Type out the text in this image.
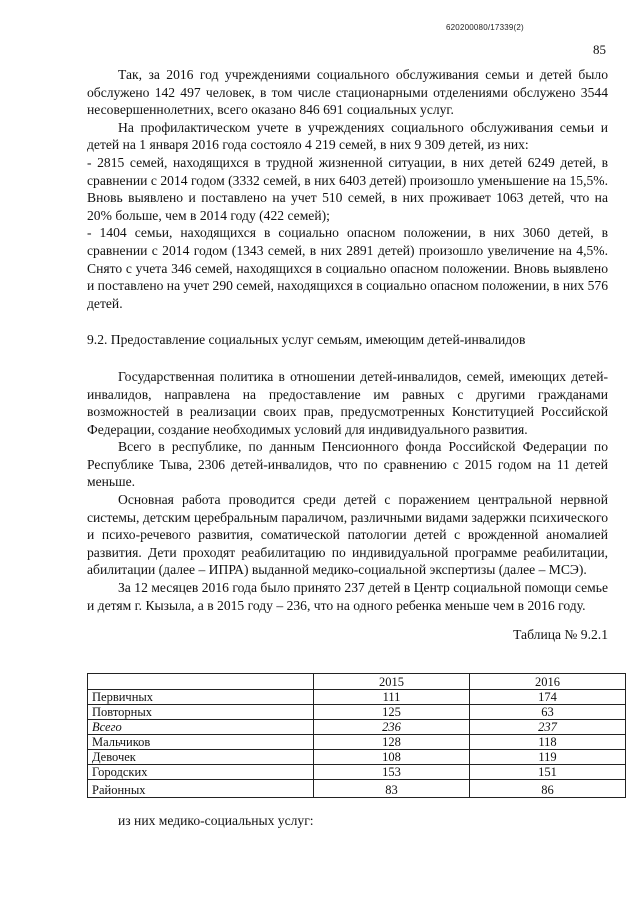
620200080/17339(2)
85

Так, за 2016 год учреждениями социального обслуживания семьи и детей было обслужено 142 497 человек, в том числе стационарными отделениями обслужено 3544 несовершеннолетних, всего оказано 846 691 социальных услуг.

На профилактическом учете в учреждениях социального обслуживания семьи и детей на 1 января 2016 года состояло 4 219 семей, в них 9 309 детей, из них:

- 2815 семей, находящихся в трудной жизненной ситуации, в них детей 6249 детей, в сравнении с 2014 годом (3332 семей, в них 6403 детей) произошло уменьшение на 15,5%. Вновь выявлено и поставлено на учет 510 семей, в них проживает 1063 детей, что на 20% больше, чем в 2014 году (422 семей);

- 1404 семьи, находящихся в социально опасном положении, в них 3060 детей, в сравнении с 2014 годом (1343 семей, в них 2891 детей) произошло увеличение на 4,5%. Снято с учета 346 семей, находящихся в социально опасном положении. Вновь выявлено и поставлено на учет 290 семей, находящихся в социально опасном положении, в них 576 детей.

9.2. Предоставление социальных услуг семьям, имеющим детей-инвалидов

Государственная политика в отношении детей-инвалидов, семей, имеющих детей-инвалидов, направлена на предоставление им равных с другими гражданами возможностей в реализации своих прав, предусмотренных Конституцией Российской Федерации, создание необходимых условий для индивидуального развития.

Всего в республике, по данным Пенсионного фонда Российской Федерации по Республике Тыва, 2306 детей-инвалидов, что по сравнению с 2015 годом на 11 детей меньше.

Основная работа проводится среди детей с поражением центральной нервной системы, детским церебральным параличом, различными видами задержки психического и психо-речевого развития, соматической патологии детей с врожденной аномалией развития. Дети проходят реабилитацию по индивидуальной программе реабилитации, абилитации (далее – ИПРА) выданной медико-социальной экспертизы (далее – МСЭ).

За 12 месяцев 2016 года было принято 237 детей в Центр социальной помощи семье и детям г. Кызыла, а в 2015 году – 236, что на одного ребенка меньше чем в 2016 году.

Таблица № 9.2.1

	2015	2016
Первичных	111	174
Повторных	125	63
Всего	236	237
Мальчиков	128	118
Девочек	108	119
Городских	153	151
Районных	83	86
из них медико-социальных услуг:
